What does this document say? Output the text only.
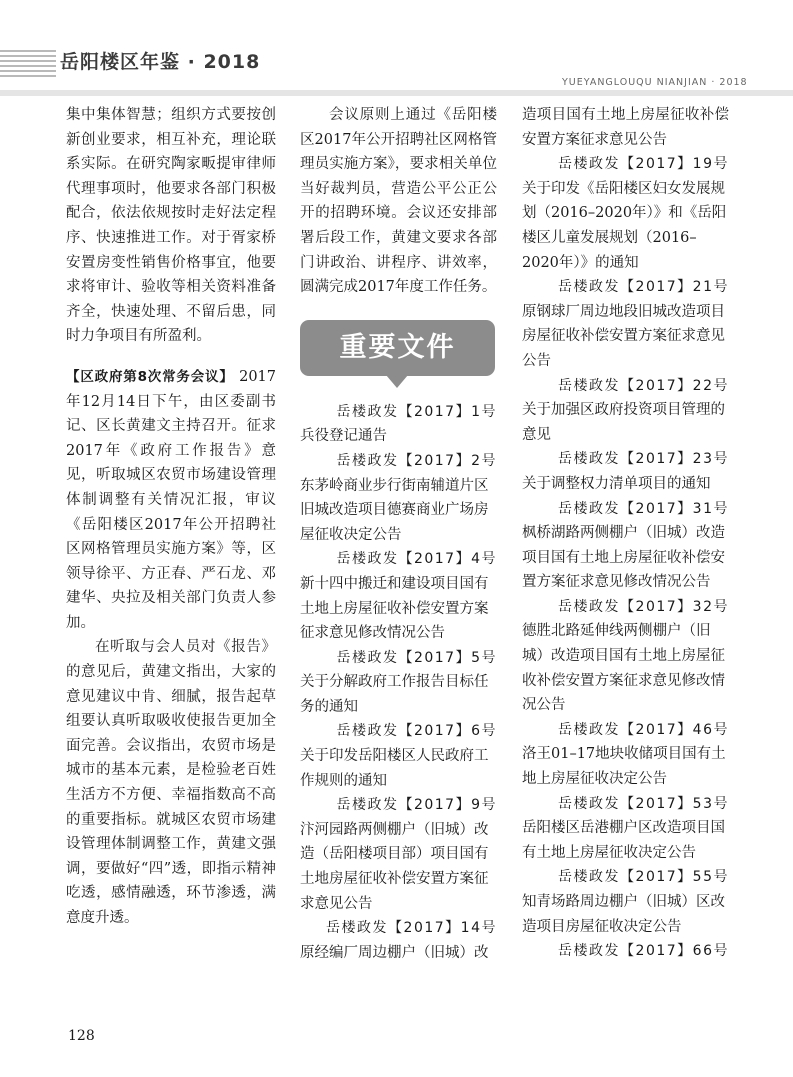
岳阳楼区年鉴 · 2018
YUEYANGLOUQU NIANJIAN · 2018

集中集体智慧；组织方式要按创新创业要求，相互补充，理论联系实际。在研究陶家畈提审律师代理事项时，他要求各部门积极配合，依法依规按时走好法定程序、快速推进工作。对于胥家桥安置房变性销售价格事宜，他要求将审计、验收等相关资料准备齐全，快速处理、不留后患，同时力争项目有所盈利。

【区政府第8次常务会议】 2017年12月14日下午，由区委副书记、区长黄建文主持召开。征求2017年《政府工作报告》意见，听取城区农贸市场建设管理体制调整有关情况汇报，审议《岳阳楼区2017年公开招聘社区网格管理员实施方案》等，区领导徐平、方正春、严石龙、邓建华、央拉及相关部门负责人参加。

在听取与会人员对《报告》的意见后，黄建文指出，大家的意见建议中肯、细腻，报告起草组要认真听取吸收使报告更加全面完善。会议指出，农贸市场是城市的基本元素，是检验老百姓生活方不方便、幸福指数高不高的重要指标。就城区农贸市场建设管理体制调整工作，黄建文强调，要做好“四”透，即指示精神吃透，感情融透，环节渗透，满意度升透。

会议原则上通过《岳阳楼区2017年公开招聘社区网格管理员实施方案》，要求相关单位当好裁判员，营造公平公正公开的招聘环境。会议还安排部署后段工作，黄建文要求各部门讲政治、讲程序、讲效率，圆满完成2017年度工作任务。

重要文件

岳楼政发【2017】1号

兵役登记通告

岳楼政发【2017】2号

东茅岭商业步行街南辅道片区旧城改造项目德赛商业广场房屋征收决定公告

岳楼政发【2017】4号

新十四中搬迁和建设项目国有土地上房屋征收补偿安置方案征求意见修改情况公告

岳楼政发【2017】5号

关于分解政府工作报告目标任务的通知

岳楼政发【2017】6号

关于印发岳阳楼区人民政府工作规则的通知

岳楼政发【2017】9号

汴河园路两侧棚户（旧城）改造（岳阳楼项目部）项目国有土地房屋征收补偿安置方案征求意见公告

岳楼政发【2017】14号

原经编厂周边棚户（旧城）改

造项目国有土地上房屋征收补偿安置方案征求意见公告

岳楼政发【2017】19号

关于印发《岳阳楼区妇女发展规划（2016–2020年）》和《岳阳楼区儿童发展规划（2016–2020年）》的通知

岳楼政发【2017】21号

原钢球厂周边地段旧城改造项目房屋征收补偿安置方案征求意见公告

岳楼政发【2017】22号

关于加强区政府投资项目管理的意见

岳楼政发【2017】23号

关于调整权力清单项目的通知

岳楼政发【2017】31号

枫桥湖路两侧棚户（旧城）改造项目国有土地上房屋征收补偿安置方案征求意见修改情况公告

岳楼政发【2017】32号

德胜北路延伸线两侧棚户（旧城）改造项目国有土地上房屋征收补偿安置方案征求意见修改情况公告

岳楼政发【2017】46号

洛王01–17地块收储项目国有土地上房屋征收决定公告

岳楼政发【2017】53号

岳阳楼区岳港棚户区改造项目国有土地上房屋征收决定公告

岳楼政发【2017】55号

知青场路周边棚户（旧城）区改造项目房屋征收决定公告

岳楼政发【2017】66号

128
